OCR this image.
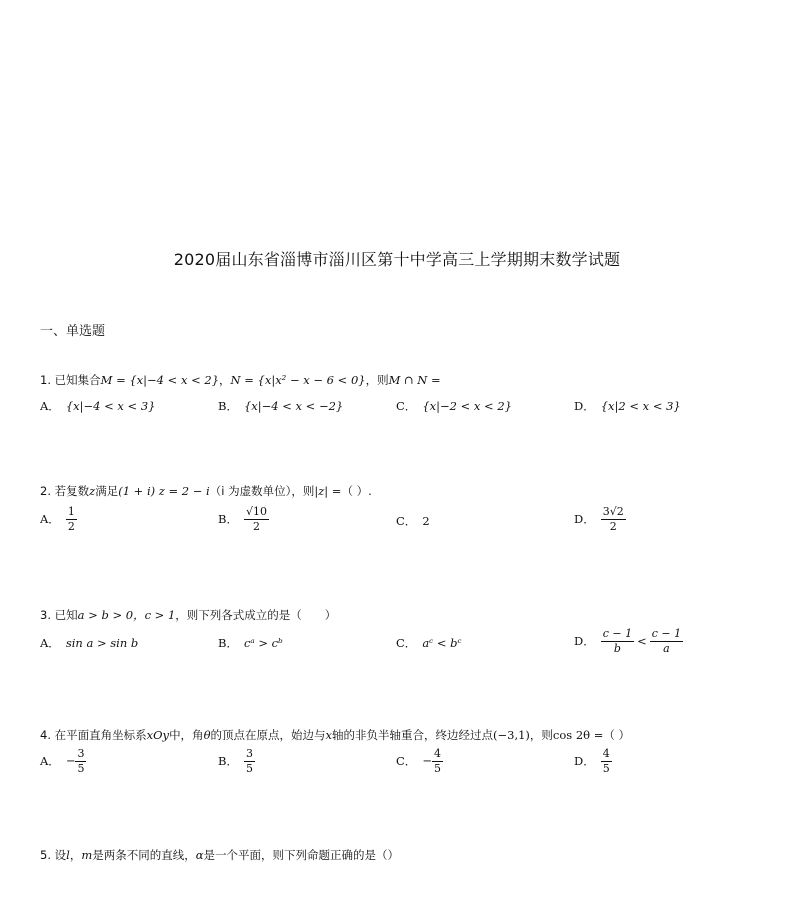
2020届山东省淄博市淄川区第十中学高三上学期期末数学试题
一、单选题
1. 已知集合M = {x|−4 < x < 2}，N = {x|x² − x − 6 < 0}，则M ∩ N =
A． {x|−4 < x < 3}	B． {x|−4 < x < −2}	C． {x|−2 < x < 2}	D． {x|2 < x < 3}
2. 若复数z满足(1 + i) z = 2 − i（i 为虚数单位），则|z| =（ ）.
A． $\frac{1}{2}$	B． $\frac{√10}{2}$	C． 2	D． $\frac{3√2}{2}$
3. 已知a > b > 0，c > 1，则下列各式成立的是（　　）
A． sin a > sin b	B． cᵃ > cᵇ	C． aᶜ < bᶜ	D． $\frac{c - 1}{b} < \frac{c - 1}{a}$
4. 在平面直角坐标系xOy中，角θ的顶点在原点，始边与x轴的非负半轴重合，终边经过点(−3,1)，则cos 2θ =（ ）
A． − $\frac{3}{5}$	B． $\frac{3}{5}$	C． − $\frac{4}{5}$	D． $\frac{4}{5}$
5. 设l，m是两条不同的直线，α是一个平面，则下列命题正确的是（）
